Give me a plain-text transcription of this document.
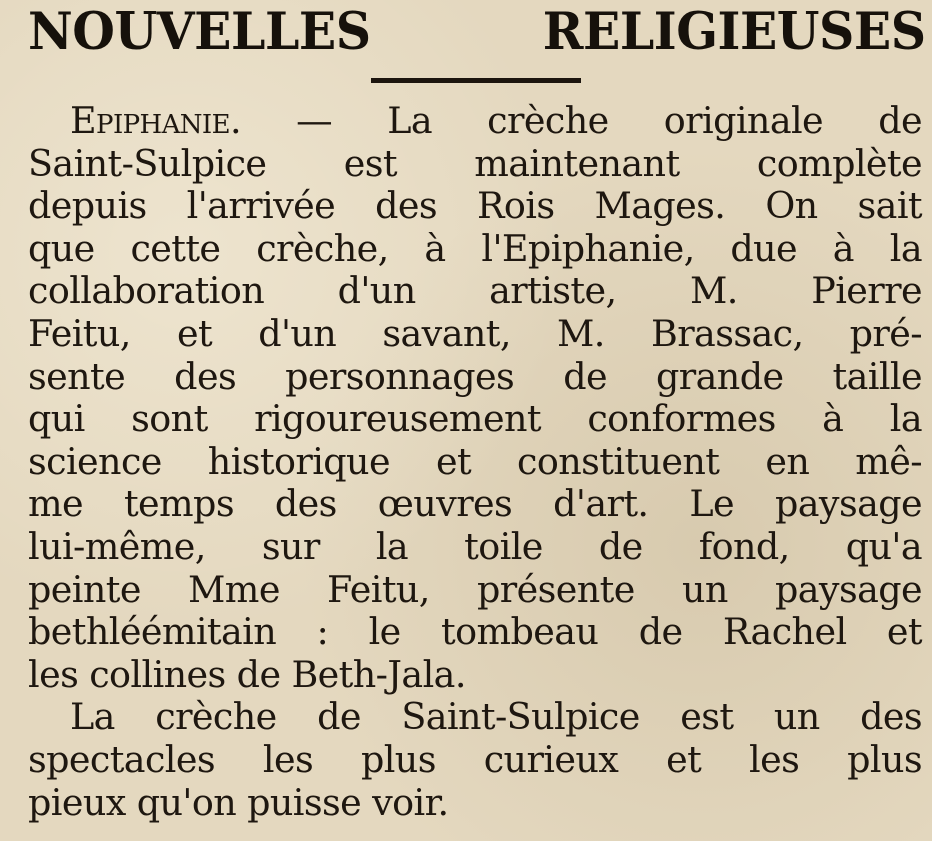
NOUVELLES	RELIGIEUSES
Epiphanie. — La crèche originale de
Saint-Sulpice est maintenant complète
depuis l'arrivée des Rois Mages. On sait
que cette crèche, à l'Epiphanie, due à la
collaboration d'un artiste, M. Pierre
Feitu, et d'un savant, M. Brassac, pré-
sente des personnages de grande taille
qui sont rigoureusement conformes à la
science historique et constituent en mê-
me temps des œuvres d'art. Le paysage
lui-même, sur la toile de fond, qu'a
peinte Mme Feitu, présente un paysage
bethléémitain : le tombeau de Rachel et
les collines de Beth-Jala.
La crèche de Saint-Sulpice est un des
spectacles les plus curieux et les plus
pieux qu'on puisse voir.
